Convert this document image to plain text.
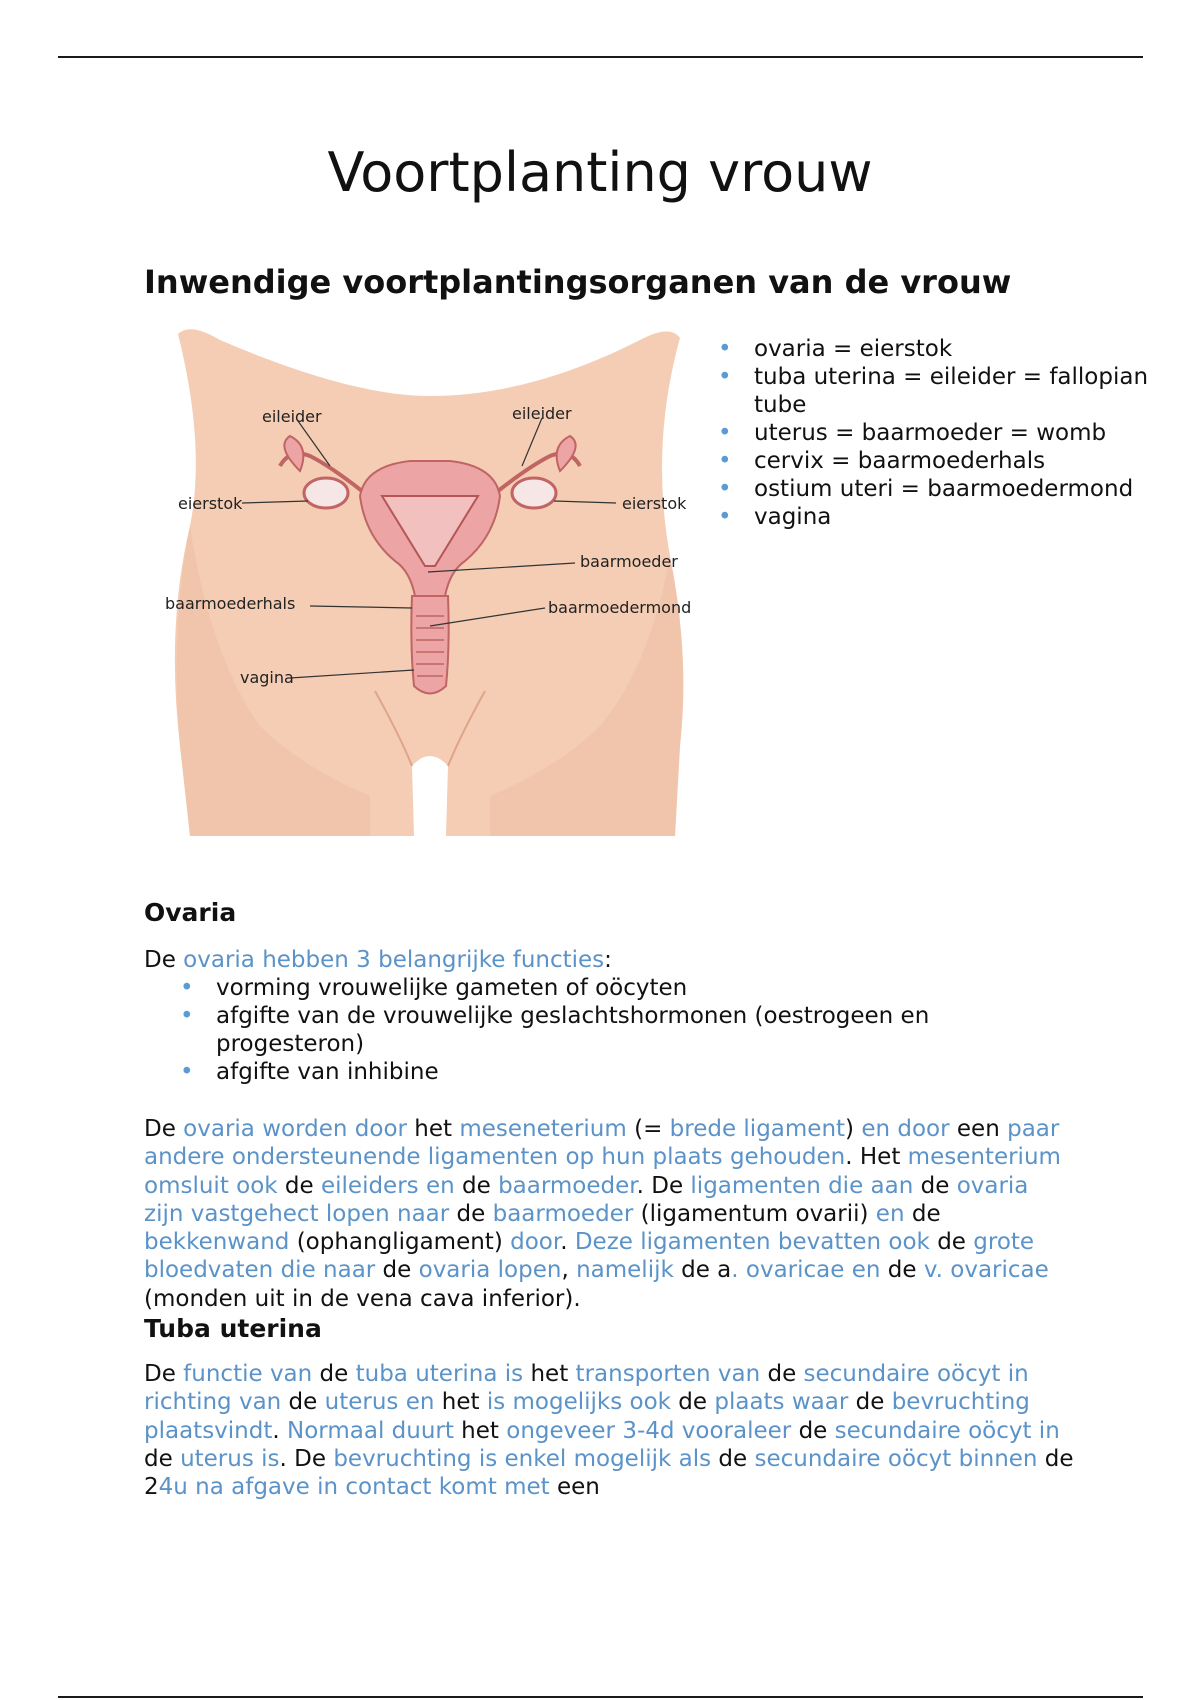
Voortplanting vrouw
Inwendige voortplantingsorganen van de vrouw
eileider	eileider
eierstok	eierstok
baarmoeder
baarmoederhals	baarmoedermond
vagina
• ovaria = eierstok
• tuba uterina = eileider = fallopian tube
• uterus = baarmoeder = womb
• cervix = baarmoederhals
• ostium uteri = baarmoedermond
• vagina
Ovaria

De ovaria hebben 3 belangrijke functies:

• vorming vrouwelijke gameten of oöcyten
• afgifte van de vrouwelijke geslachtshormonen (oestrogeen en progesteron)
• afgifte van inhibine

De ovaria worden door het meseneterium (= brede ligament) en door een paar andere ondersteunende ligamenten op hun plaats gehouden. Het mesenterium omsluit ook de eileiders en de baarmoeder. De ligamenten die aan de ovaria zijn vastgehect lopen naar de baarmoeder (ligamentum ovarii) en de bekkenwand (ophangligament) door. Deze ligamenten bevatten ook de grote bloedvaten die naar de ovaria lopen, namelijk de a. ovaricae en de v. ovaricae (monden uit in de vena cava inferior).

Tuba uterina

De functie van de tuba uterina is het transporten van de secundaire oöcyt in richting van de uterus en het is mogelijks ook de plaats waar de bevruchting plaatsvindt. Normaal duurt het ongeveer 3-4d vooraleer de secundaire oöcyt in de uterus is. De bevruchting is enkel mogelijk als de secundaire oöcyt binnen de 24u na afgave in contact komt met een
